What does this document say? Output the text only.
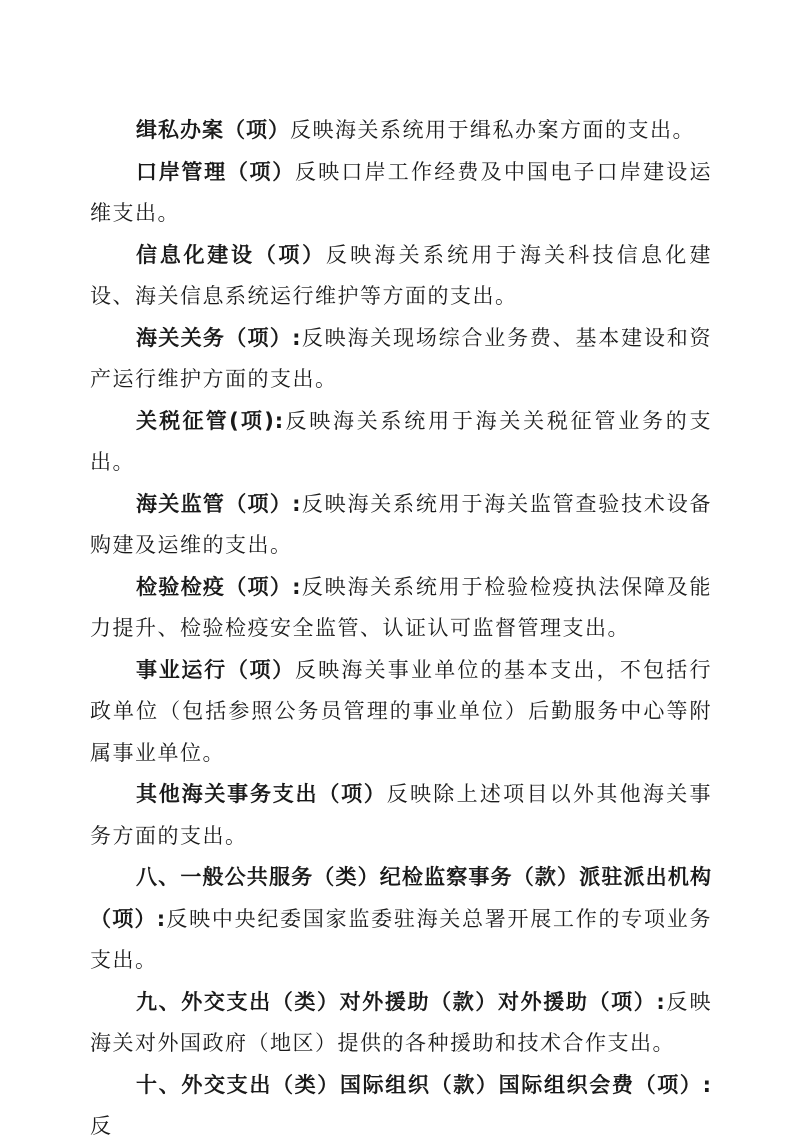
缉私办案（项）反映海关系统用于缉私办案方面的支出。

口岸管理（项）反映口岸工作经费及中国电子口岸建设运维支出。

信息化建设（项）反映海关系统用于海关科技信息化建设、海关信息系统运行维护等方面的支出。

海关关务（项）:反映海关现场综合业务费、基本建设和资产运行维护方面的支出。

关税征管(项):反映海关系统用于海关关税征管业务的支出。

海关监管（项）:反映海关系统用于海关监管查验技术设备购建及运维的支出。

检验检疫（项）:反映海关系统用于检验检疫执法保障及能力提升、检验检疫安全监管、认证认可监督管理支出。

事业运行（项）反映海关事业单位的基本支出，不包括行政单位（包括参照公务员管理的事业单位）后勤服务中心等附属事业单位。

其他海关事务支出（项）反映除上述项目以外其他海关事务方面的支出。

八、一般公共服务（类）纪检监察事务（款）派驻派出机构（项）:反映中央纪委国家监委驻海关总署开展工作的专项业务支出。

九、外交支出（类）对外援助（款）对外援助（项）:反映海关对外国政府（地区）提供的各种援助和技术合作支出。

十、外交支出（类）国际组织（款）国际组织会费（项）:反
